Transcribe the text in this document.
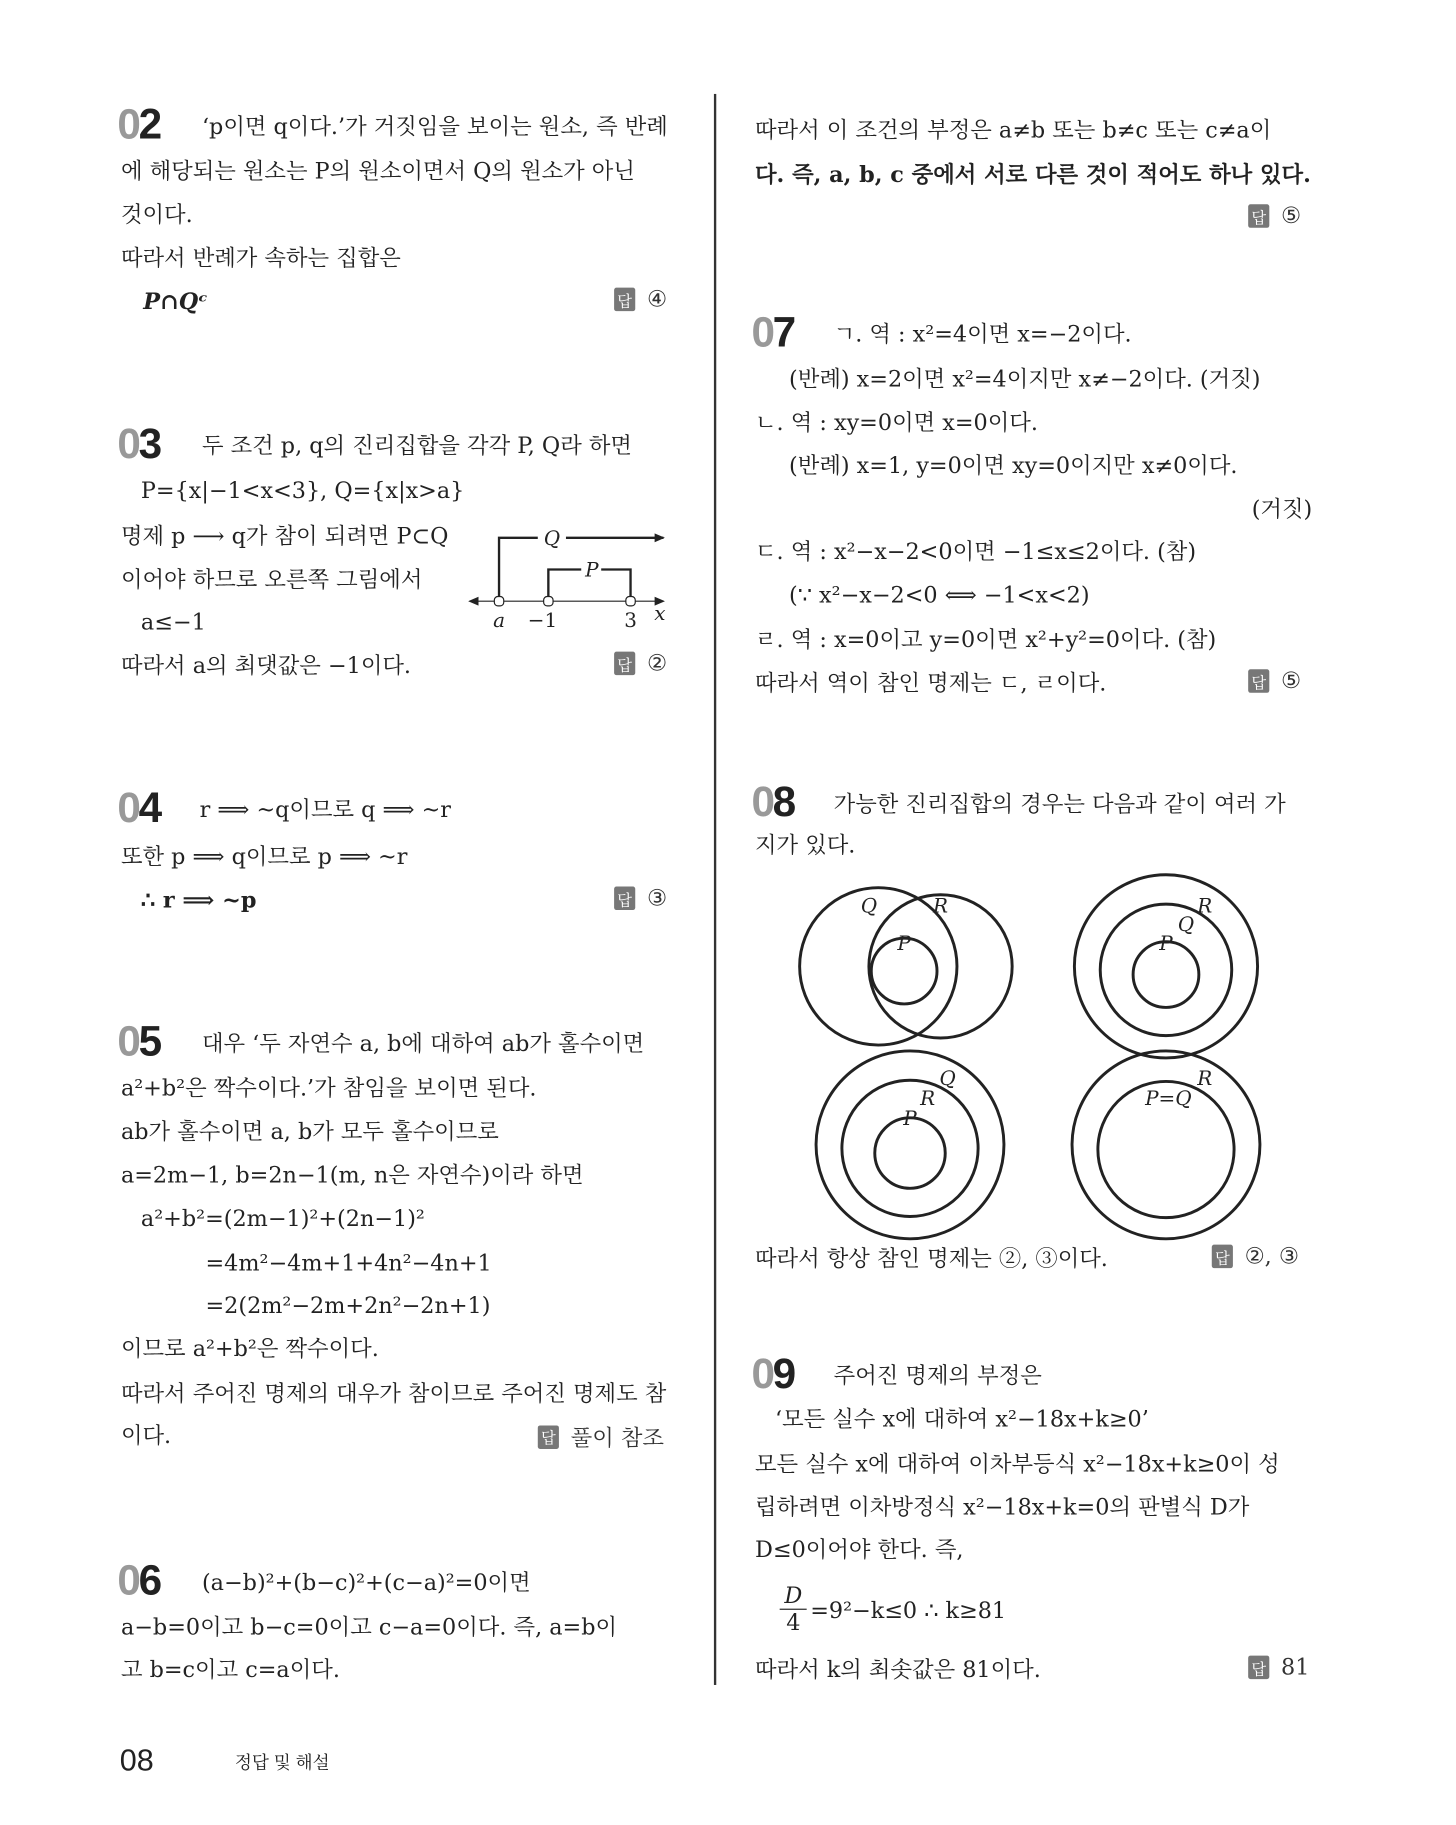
02 ‘p이면 q이다.’가 거짓임을 보이는 원소, 즉 반례
에 해당되는 원소는 P의 원소이면서 Q의 원소가 아닌
것이다.
따라서 반례가 속하는 집합은
P∩Qᶜ	답 ④
03 두 조건 p, q의 진리집합을 각각 P, Q라 하면
P={x|−1<x<3}, Q={x|x>a}
명제 p ⟶ q가 참이 되려면 P⊂Q
이어야 하므로 오른쪽 그림에서
a≤−1
따라서 a의 최댓값은 −1이다.	답 ②
Q
P
a −1	3 x
Q	R
P
R
Q
P
Q
R
P
R
P=Q
04 r ⟹ ~q이므로 q ⟹ ~r
또한 p ⟹ q이므로 p ⟹ ~r
∴ r ⟹ ~p	답 ③
05 대우 ‘두 자연수 a, b에 대하여 ab가 홀수이면
a²+b²은 짝수이다.’가 참임을 보이면 된다.
ab가 홀수이면 a, b가 모두 홀수이므로
a=2m−1, b=2n−1(m, n은 자연수)이라 하면
a²+b²=(2m−1)²+(2n−1)²
=4m²−4m+1+4n²−4n+1
=2(2m²−2m+2n²−2n+1)
이므로 a²+b²은 짝수이다.
따라서 주어진 명제의 대우가 참이므로 주어진 명제도 참
이다.	답 풀이 참조
06 (a−b)²+(b−c)²+(c−a)²=0이면
a−b=0이고 b−c=0이고 c−a=0이다. 즉, a=b이
고 b=c이고 c=a이다.
따라서 이 조건의 부정은 a≠b 또는 b≠c 또는 c≠a이
다. 즉, a, b, c 중에서 서로 다른 것이 적어도 하나 있다.
답 ⑤
07 ㄱ. 역 : x²=4이면 x=−2이다.
(반례) x=2이면 x²=4이지만 x≠−2이다. (거짓)
ㄴ. 역 : xy=0이면 x=0이다.
(반례) x=1, y=0이면 xy=0이지만 x≠0이다.
(거짓)
ㄷ. 역 : x²−x−2<0이면 −1≤x≤2이다. (참)
(∵ x²−x−2<0 ⟺ −1<x<2)
ㄹ. 역 : x=0이고 y=0이면 x²+y²=0이다. (참)
따라서 역이 참인 명제는 ㄷ, ㄹ이다.	답 ⑤
08 가능한 진리집합의 경우는 다음과 같이 여러 가
지가 있다.
따라서 항상 참인 명제는 ②, ③이다.	답 ②, ③
09 주어진 명제의 부정은
‘모든 실수 x에 대하여 x²−18x+k≥0’
모든 실수 x에 대하여 이차부등식 x²−18x+k≥0이 성
립하려면 이차방정식 x²−18x+k=0의 판별식 D가
D≤0이어야 한다. 즉,
$\frac{D}{4} =9^2-k\le 0$ ∴ k≥81
따라서 k의 최솟값은 81이다.	답 81
08	정답 및 해설
